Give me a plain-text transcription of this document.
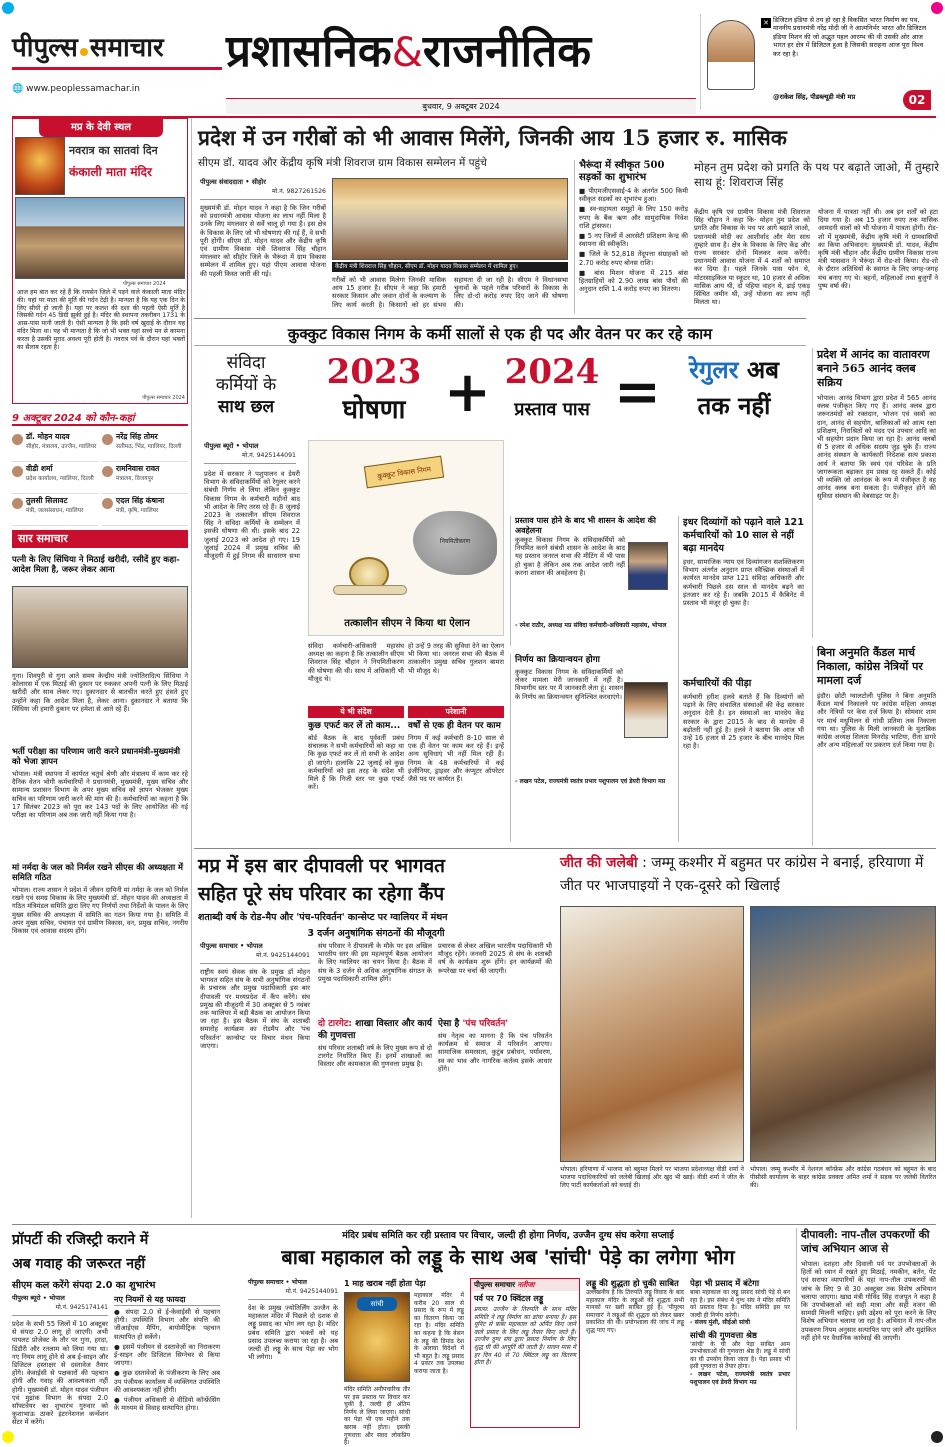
पीपुल्स समाचार
🌐 www.peoplessamachar.in
प्रशासनिक&राजनीतिक
बुधवार, 9 अक्टूबर 2024
✕ डिजिटल इंडिया से तय हो रहा है विकसित भारत निर्माण का पथ, माननीय प्रधानमंत्री नरेंद्र मोदी जी ने आत्मनिर्भर भारत और डिजिटल इंडिया मिशन की जो अद्भुत पहल आरम्भ की थी उसकी ओर आज भारत हर क्षेत्र में डिजिटल हुआ है जिसकी सराहना आज पूरा विश्व कर रहा है।
@राकेश सिंह, पीडब्ल्यूडी मंत्री मप्र	02
मप्र के देवी स्थल
नवरात्र का सातवां दिन
कंकाली माता मंदिर
पीपुल्स समाचार 2024
आज हम बात कर रहे हैं कि रायसेन जिले में पड़ने वाले कंकाली माता मंदिर की। यहां पर माता की मूर्ति की गर्दन टेढ़ी है। मान्यता है कि यह एक दिन के लिए सीधी हो जाती है। यहां पर कलश की दशा की पहली ऐसी मूर्ति है जिसकी गर्दन 45 डिग्री झुकी हुई है। मंदिर की स्थापना तकरीबन 1731 के आस-पास मानी जाती है। ऐसी मान्यता है कि इसी वर्ष खुदाई के दौरान यह मंदिर मिला था। यह भी मान्यता है कि जो भी भक्त यहां सच्चे मन से कामना करता है उसकी मुराद अवश्य पूरी होती है। नवरात्र पर्व के दौरान यहां भक्तों का सैलाब रहता है।
पीपुल्स समाचार 2024
प्रदेश में उन गरीबों को भी आवास मिलेंगे, जिनकी आय 15 हजार रु. मासिक
सीएम डॉ. यादव और केंद्रीय कृषि मंत्री शिवराज ग्राम विकास सम्मेलन में पहुंचे
पीपुल्स संवाददाता • सीहोर
मो.नं. 9827261526
मुख्यमंत्री डॉ. मोहन यादव ने कहा है कि जिन गरीबों को प्रधानमंत्री आवास योजना का लाभ नहीं मिला है उनके लिए मंगलवार से सर्वे चालू हो गया है। इस क्षेत्र के विकास के लिए जो भी घोषणाएं की गई हैं, वे सभी पूरी होंगी। सीएम डॉ. मोहन यादव और केंद्रीय कृषि एवं ग्रामीण विकास मंत्री शिवराज सिंह चौहान मंगलवार को सीहोर जिले के भैरूंदा में ग्राम विकास सम्मेलन में शामिल हुए। यहां पीएम आवास योजना की पहली किस्त जारी की गई।
केंद्रीय मंत्री शिवराज सिंह चौहान, सीएम डॉ. मोहन यादव विकास सम्मेलन में शामिल हुए।
गरीबों को भी आवास मिलेगा जिनकी मासिक आय 15 हजार है। सीएम ने कहा कि हमारी सरकार किसान और जवान दोनों के कल्याण के लिए कार्य करती है। किसानों को हर संभव सहायता दी जा रही है। सीएम ने विधानसभा चुनावों के पहले गरीब परिवारों के विकास के लिए दो-दो करोड़ रुपए दिए जाने की घोषणा की।
भैरूंदा में स्वीकृत 500 सड़कों का शुभारंभ
■ पीएमजीएसवाई-4 के अंतर्गत 500 किमी स्वीकृत सड़कों का शुभारंभ हुआ।
■ स्व-सहायता समूहों के लिए 150 करोड़ रुपए के बैंक ऋण और सामुदायिक निवेश राशि ट्रांसफर।
■ 5 नए जिलों में आरसेटी प्रशिक्षण केन्द्र की स्थापना की स्वीकृति।
■ जिले के 52,818 तेंदूपत्ता संग्राहकों को 2.70 करोड़ रुपए बोनस राशि।
■ बांस मिशन योजना में 215 बांस हितग्राहियों को 2.90 लाख बांस पौधों की अनुदान राशि 1.4 करोड़ रुपए का वितरण।
मोहन तुम प्रदेश को प्रगति के पथ पर बढ़ाते जाओ, मैं तुम्हारे साथ हूं: शिवराज सिंह
केंद्रीय कृषि एवं ग्रामीण विकास मंत्री शिवराज सिंह चौहान ने कहा कि- मोहन तुम प्रदेश को प्रगति और विकास के पथ पर आगे बढ़ाते जाओ, प्रधानमंत्री मोदी का आशीर्वाद और मेरा साथ तुम्हारे साथ है। क्षेत्र के विकास के लिए केंद्र और राज्य सरकार दोनों मिलकर काम करेंगी। प्रधानमंत्री आवास योजना में 4 शर्तों को समाप्त कर दिया है। पहले जिनके पास फोन थे, मोटरसाइकिल या स्कूटर था, 10 हजार से अधिक मासिक आय थी, दो पहिया वाहन थे, ढाई एकड़ सिंचित जमीन थी, उन्हें योजना का लाभ नहीं मिलता था।
योजना में पात्रता नहीं थी। अब इन शर्तों को हटा दिया गया है। अब 15 हजार रुपए तक मासिक आमदनी वालों को भी योजना में पात्रता होगी। रोड-शो में मुख्यमंत्री, केंद्रीय कृषि मंत्री ने ग्रामवासियों का किया अभिवादन: मुख्यमंत्री डॉ. यादव, केंद्रीय कृषि मंत्री चौहान और केंद्रीय ग्रामीण विकास राज्य मंत्री पासवान ने भैरूंदा में रोड-शो किया। रोड-शो के दौरान अतिथियों के स्वागत के लिए जगह-जगह मंच बनाए गए थे। बहनों, महिलाओं तथा बुजुर्गों ने पुष्प वर्षा की।
प्रदेश में आनंद का वातावरण बनाने 565 आनंद क्लब सक्रिय
भोपाल। आनंद विभाग द्वारा प्रदेश में 565 आनंद क्लब पंजीकृत किए गए हैं। आनंद क्लब द्वारा जरूरतमंदों को रक्तदान, भोजन एवं वस्त्रों का दान, आनंद से सहयोग, बालिकाओं को आत्म रक्षा प्रशिक्षण, निराश्रितों को मदद एवं उपचार आदि का भी सहयोग प्रदान किया जा रहा है। आनंद क्लबों से 5 हजार से अधिक सदस्य जुड़ चुके हैं। राज्य आनंद संस्थान के कार्यकारी निदेशक सत्य प्रकाश आर्य ने बताया कि स्वयं एवं परिवेश के प्रति जागरूकता बढ़ाकर हम प्रसन्न रह सकते हैं। कोई भी व्यक्ति जो आनंदक के रूप में पंजीकृत है वह आनंद क्लब बना सकता है। पंजीकृत होने की सुविधा संस्थान की वेबसाइट पर है।
बिना अनुमति कैंडल मार्च निकाला, कांग्रेस नेत्रियों पर मामला दर्ज
इंदौर। छोटी ग्वालटोली पुलिस ने बिना अनुमति कैंडल मार्च निकालने पर कांग्रेस महिला अध्यक्ष और नेत्रियों पर केस दर्ज किया है। सोमवार शाम पर मार्च मधुमिलन से गांधी प्रतिमा तक निकाला गया था। पुलिस के मिली जानकारी के मुताबिक कांग्रेस अध्यक्ष शिलता मिनरोड़ भाटिया, रीता डागरे और अन्य महिलाओं पर प्रकरण दर्ज किया गया है।
9 अक्टूबर 2024 को कौन-कहां
डॉ. मोहन यादव
सीहोर, मंत्रालय, उज्जैन, ग्वालियर
नरेंद्र सिंह तोमर
सतीमठ, भिंड, ग्वालियर, दिल्ली
वीडी शर्मा
प्रदेश कार्यालय, ग्वालियर, दिल्ली
रामनिवास रावत
मंत्रालय, विजयपुर
तुलसी सिलावट
मंत्री, जलसंसाधन, ग्वालियर
एदल सिंह कंषाना
मंत्री, कृषि, ग्वालियर
सार समाचार
पत्नी के लिए सिंधिया ने मिठाई खरीदी, रसीदें हुए कहा-आदेश मिला है, जरूर लेकर आना
गुना। शिवपुरी से गुना आते समय केन्द्रीय मंत्री ज्योतिरादित्य सिंधिया ने कोलारस में एक मिठाई की दुकान पर रुककर अपनी पत्नी के लिए मिठाई खरीदी और साथ लेकर गए। दुकानदार से बातचीत करते हुए हंसते हुए उन्होंने कहा कि आदेश मिला है, लेकर आना। दुकानदार ने बताया कि सिंधिया जी हमारी दुकान पर हमेशा से आते रहे हैं।
भर्ती परीक्षा का परिणाम जारी करने प्रधानमंत्री-मुख्यमंत्री को भेजा ज्ञापन
भोपाल। मंत्री स्थापना में कार्यरत चतुर्थ श्रेणी और मंत्रालय में काम कर रहे दैनिक वेतन भोगी कर्मचारियों ने प्रधानमंत्री, मुख्यमंत्री, मुख्य सचिव और सामान्य प्रशासन विभाग के अपर मुख्य सचिव को ज्ञापन भेजकर मुख्य सचिव का परिणाम जारी करने की मांग की है। कर्मचारियों का कहना है कि 17 सितंबर 2023 को पूरा कर 143 पदों के लिए आयोजित की गई परीक्षा का परिणाम अब तक जारी नहीं किया गया है।
मां नर्मदा के जल को निर्मल रखने सीएस की अध्यक्षता में समिति गठित
भोपाल। राज्य शासन ने प्रदेश में जीवन दायिनी मां नर्मदा के जल को निर्मल रखने एवं समग्र विकास के लिए मुख्यमंत्री डॉ. मोहन यादव की अध्यक्षता में गठित मंत्रिमंडल समिति द्वारा लिए गए निर्णयों तथा निर्देशों के पालन के लिए मुख्य सचिव की अध्यक्षता में समिति का गठन किया गया है। समिति में अपर मुख्य सचिव, पंचायत एवं ग्रामीण विकास, वन, प्रमुख सचिव, नगरीय विकास एवं आवास सदस्य होंगे।
कुक्कुट विकास निगम के कर्मी सालों से एक ही पद और वेतन पर कर रहे काम
संविदा
कर्मियों के
साथ छल
2023
घोषणा + 2024
प्रस्ताव पास =	रेगुलर अब
तक नहीं
पीपुल्स ब्यूरो • भोपाल
मो.नं. 9425144091
प्रदेश में सरकार ने पशुपालन व डेयरी विभाग के संविदाकर्मियों को रेगुलर करने संबंधी निर्णय ले लिया लेकिन कुक्कुट विकास निगम के कर्मचारी महीनों बाद भी आदेश के लिए तरस रहे हैं। 8 जुलाई 2023 के तत्कालीन सीएम शिवराज सिंह ने संविदा कर्मियों के सम्मेलन में इसकी घोषणा की थी। इसके बाद 22 जुलाई 2023 को आदेश हो गए। 19 जुलाई 2024 में प्रमुख सचिव की मौजूदगी में हुई निगम की साधारण सभा
कुक्कुट विकास निगम
नियमितीकरण
तत्कालीन सीएम ने किया था ऐलान
संविदा कर्मचारी-अधिकारी महासंघ अध्यक्ष का कहना है कि तत्कालीन सीएम शिवराज सिंह चौहान ने नियमितीकरण की घोषणा की थी। साथ में अधिकारी भी मौजूद थे।
हो उन्हें 9 तरह की सुविधा देने का ऐलान भी किया था। जनरल सभा की बैठक में तत्कालीन प्रमुख सचिव गुलशन बामरा भी मौजूद थे।
ये भी संदेश
कुछ एफर्ट कर लें तो काम...
बोर्ड बैठक के बाद पूर्ववर्ती प्रबंध संचालक ने सभी कर्मचारियों को कहा था कि कुछ एफर्ट कर लें तो सभी के आदेश हो जाएंगे। हालांकि 22 जुलाई को कुछ कर्मचारियों को इस तरह के संदेश भी मिले हैं कि निजी स्तर पर कुछ एफर्ट करें।
परेशानी
वर्षों से एक ही वेतन पर काम
निगम में कई कर्मचारी 8-10 साल से एक ही वेतन पर काम कर रहे हैं। इन्हें अन्य सुविधाएं भी नहीं मिल रही हैं। निगम के 48 कर्मचारियों में कई इंजीनियर, ड्राइवर और कंप्यूटर ऑपरेटर जैसे पद पर कार्यरत हैं।
प्रस्ताव पास होने के बाद भी शासन के आदेश की अवहेलना
कुक्कुट विकास निगम के संविदाकर्मियों को नियमित करने संबंधी शासन के आदेश के बाद यह प्रस्ताव जनरल सभा की मीटिंग में भी पास हो चुका है लेकिन अब तक आदेश जारी नहीं करना शासन की अवहेलना है।
- रमेश राठौर, अध्यक्ष मप्र संविदा कर्मचारी-अधिकारी महासंघ, भोपाल
निर्णय का क्रियान्वयन होगा
कुक्कुट विकास निगम के संविदाकर्मियों को लेकर मामला मेरी जानकारी में नहीं है। विभागीय स्तर पर मैं जानकारी लेता हूं। शासन के निर्णय का क्रियान्वयन सुनिश्चित करवाएंगे।
- लखन पटेल, राज्यमंत्री स्वतंत्र प्रभार पशुपालन एवं डेयरी विभाग मप्र
इधर दिव्यांगों को पढ़ाने वाले 121 कर्मचारियों को 10 साल से नहीं बढ़ा मानदेय
इधर, सामाजिक न्याय एवं दिव्यांगजन सशक्तिकरण विभाग अंतर्गत अनुदान प्राप्त स्वैच्छिक संस्थाओं में कार्यरत मानदेय प्राप्त 121 संविदा अधिकारी और कर्मचारी पिछले दस साल से मानदेय बढ़ने का इंतजार कर रहे हैं। जबकि 2015 में कैबिनेट में प्रस्ताव भी मंजूर हो चुका है।
कर्मचारियों की पीड़ा
कर्मचारी हरीश हलवे बताते हैं कि दिव्यांगों को पढ़ाने के लिए संचालित संस्थाओं की केंद्र सरकार अनुदान देती है। इन संस्थाओं का मानदेय केंद्र सरकार के द्वारा 2015 के बाद से मानदेय में बढ़ोतरी नहीं हुई है। हलवे ने बताया कि आज भी उन्हें 16 हजार से 25 हजार के बीच मानदेय मिल रहा है।
मप्र में इस बार दीपावली पर भागवत
सहित पूरे संघ परिवार का रहेगा कैंप
शताब्दी वर्ष के रोड-मैप और 'पंच-परिवर्तन' कान्सेप्ट पर ग्वालियर में मंथन
3 दर्जन अनुषांगिक संगठनों की मौजूदगी
पीपुल्स समाचार • भोपाल
मो.नं. 9425144091
राष्ट्रीय स्वयं सेवक संघ के प्रमुख डॉ मोहन भागवत सहित संघ के सभी अनुषांगिक संगठनों के प्रचारक और प्रमुख पदाधिकारी इस बार दीपावली पर मध्यप्रदेश में कैंप करेंगे। संघ प्रमुख की मौजूदगी में 30 अक्टूबर से 5 नवंबर तक ग्वालियर में बड़ी बैठक का आयोजन किया जा रहा है। इस बैठक में संघ के शताब्दी समारोह कार्यक्रम का रोडमैप और 'पंच परिवर्तन' कान्सेप्ट पर विचार मंथन किया जाएगा।
संघ परिवार ने दीपावली के मौके पर इस अखिल भारतीय स्तर की इस महत्वपूर्ण बैठक आयोजन के लिए ग्वालियर का चयन किया है। बैठक में संघ के 3 दर्जन से अधिक अनुषांगिक संगठन के प्रमुख पदाधिकारी शामिल होंगे।
प्रचारक से लेकर अखिल भारतीय पदाधिकारी भी मौजूद रहेंगे। जनवरी 2025 से संघ के शताब्दी वर्ष के कार्यक्रम शुरू होंगे। इन कार्यक्रमों की रूपरेखा पर चर्चा की जाएगी।
दो टारगेट: शाखा विस्तार और कार्य की गुणवत्ता
संघ परिवार शताब्दी वर्ष के लिए मुख्य रूप से दो टारगेट निर्धारित किए हैं। इनमें शाखाओं का विस्तार और कामकाज की गुणवत्ता प्रमुख है।
ऐसा है 'पंच परिवर्तन'
संघ नेतृत्व का मानना है कि पंच परिवर्तन कार्यक्रम से समाज में परिवर्तन आएगा। सामाजिक समरसता, कुटुंब प्रबोधन, पर्यावरण, स्व का भाव और नागरिक कर्तव्य इसके आधार होंगे।
जीत की जलेबी : जम्मू कश्मीर में बहुमत पर कांग्रेस ने बनाई, हरियाणा में जीत पर भाजपाइयों ने एक-दूसरे को खिलाई
भोपाल। हरियाणा में भाजपा को बहुमत मिलने पर भाजपा प्रदेशाध्यक्ष वीडी शर्मा ने भाजपा पदाधिकारियों को जलेबी खिलाई और खुद भी खाई। वीडी शर्मा ने जीत के लिए पार्टी कार्यकर्ताओं को बधाई दी।
भोपाल। जम्मू कश्मीर में नेशनल कॉन्फ्रेंस और कांग्रेस गठबंधन को बहुमत के बाद पीसीसी कार्यालय के बाहर कांग्रेस प्रवक्ता अमित शर्मा ने सड़क पर जलेबी वितरित की।
प्रॉपर्टी की रजिस्ट्री कराने में
अब गवाह की जरूरत नहीं
सीएम कल करेंगे संपदा 2.0 का शुभारंभ
पीपुल्स ब्यूरो • भोपाल
मो.नं. 9425174141
प्रदेश के सभी 55 जिलों में 10 अक्टूबर से संपदा 2.0 लागू हो जाएगी। अभी पायलट प्रोजेक्ट के तौर पर गुना, हरदा, डिंडौरी और रतलाम को लिया गया था। नए नियम लागू होने से अब ई-साइन और डिजिटल हस्ताक्षर से दस्तावेज तैयार होंगे। केवाईसी से पक्षकारों की पहचान होगी और गवाह की आवश्यकता नहीं होगी। मुख्यमंत्री डॉ. मोहन यादव पंजीयन एवं मुद्रांक विभाग के संपदा 2.0 सॉफ्टवेयर का शुभारंभ गुरुवार को कुशाभाऊ ठाकरे इंटरनेशनल कन्वेंशन सेंटर में करेंगे।
नए नियमों से यह फायदा
● संपदा 2.0 से ई-केवाईसी से पहचान होगी। उपस्थिति विभाग और संपत्ति की जीआईएस मैपिंग, बायोमीट्रिक पहचान सत्यापित हो सकेंगे।
● इसमें पंजीयन से दस्तावेज़ों का निराकरण ई-साइन और डिजिटल सिग्नेचर से किया जाएगा।
● कुछ दस्तावेजों के पंजीकरण के लिए अब उप पंजीयक कार्यालय में व्यक्तिगत उपस्थिति की आवश्यकता नहीं होगी।
● पंजीयन अधिकारी से वीडियो कॉन्फ्रेंसिंग के माध्यम से विवाह सत्यापित होगा।
मंदिर प्रबंध समिति कर रही प्रस्ताव पर विचार, जल्दी ही होगा निर्णय, उज्जैन दुग्ध संघ करेगा सप्लाई
बाबा महाकाल को लड्डू के साथ अब 'सांची' पेड़े का लगेगा भोग
पीपुल्स समाचार • भोपाल
मो.नं. 9425144091
देश के प्रमुख ज्योतिर्लिंग उज्जैन के महाकाल मंदिर में पिछले दो दशक से लड्डू प्रसाद का भोग लग रहा है। मंदिर प्रबंध समिति द्वारा भक्तों को यह प्रसाद उपलब्ध कराया जा रहा है। अब जल्दी ही लड्डू के साथ पेड़ा का भोग भी लगेगा।
1 माह खराब नहीं होता पेड़ा
सांची
महाकाल मंदिर में करीब 20 साल से प्रसाद के रूप में लड्डू का वितरण किया जा रहा है। मंदिर समिति का कहना है कि बेसन के लड्डू की डिमांड देश के अलावा विदेशों में भी बहुत है। लड्डू प्रसाद 4 प्रकार तक उपलब्ध कराया जाता है।
मंदिर समिति अनौपचारिक तौर पर इस प्रस्ताव पर विचार कर चुकी है, जल्दी ही अंतिम निर्णय ले लिया जाएगा। सांची का पेड़ा भी एक महीने तक खराब नहीं होता। इसकी गुणवत्ता और स्वाद लोकप्रिय है।
पीपुल्स समाचार नतीजा
पर्व पर 70 क्विंटल लड्डू
प्रयास: उज्जैन के तिरुपति के साथ मंदिर समिति ने लड्डू निर्माण का ढांचा बनाया है। इस यूनिट से बाबा महाकाल को अर्पित किए जाने वाले प्रसाद के लिए लड्डू तैयार किए जाते हैं। उज्जैन दुग्ध संघ द्वारा प्रसाद निर्माण के लिए शुद्ध घी की आपूर्ति की जाती है। सावन मास में हर दिन 40 से 70 क्विंटल लड्डू का वितरण होता है।
लड्डू की शुद्धता हो चुकी साबित
उल्लेखनीय है कि तिरुपति लड्डू विवाद के बाद महाकाल मंदिर के लड्डुओं की शुद्धता सभी मानकों पर खरी साबित हुई है। 'पीपुल्स समाचार' ने लड्डुओं की शुद्धता को लेकर खबर प्रकाशित की थी। प्रयोगशाला की जांच में लड्डू शुद्ध पाए गए।
पेड़ा भी प्रसाद में बंटेगा
बाबा महाकाल का लड्डू प्रसाद सांची पेड़े से बन रहा है। इस संबंध में दुग्ध संघ ने मंदिर समिति को प्रस्ताव दिया है। मंदिर समिति इस पर जल्दी ही निर्णय करेगी।
- संजय मुंशी, सीईओ सांची
सांची की गुणवत्ता श्रेष्ठ
'सांची' के घी और पेड़ा साबित आम उपभोक्ताओं की गुणवत्ता श्रेष्ठ है। लड्डू में सांची का घी उपयोग किया जाता है। पेड़ा प्रसाद भी इसी गुणवत्ता से तैयार होगा।
- लखन पटेल, राज्यमंत्री स्वतंत्र प्रभार पशुपालन एवं डेयरी विभाग मप्र
दीपावली: नाप-तौल उपकरणों की जांच अभियान आज से
भोपाल। दशहरा और दिवाली पर्व पर उपभोक्ताओं के हितों को ध्यान में रखते हुए मिठाई, नमकीन, बर्तन, पेंट एवं सराफा व्यापारियों के यहां नाप-तौल उपकरणों की जांच के लिए 9 से 30 अक्टूबर तक विशेष अभियान चलाया जाएगा। खाद्य मंत्री गोविंद सिंह राजपूत ने कहा है कि उपभोक्ताओं को सही मात्रा और सही वजन की सामग्री मिलनी चाहिए। इसी उद्देश्य को पूरा करने के लिए विशेष अभियान चलाया जा रहा है। अभियान में नाप-तौल उपकरण नियम अनुसार सत्यापित पाए जाने और मुद्रांकित नहीं होने पर वैधानिक कार्रवाई की जाएगी।
